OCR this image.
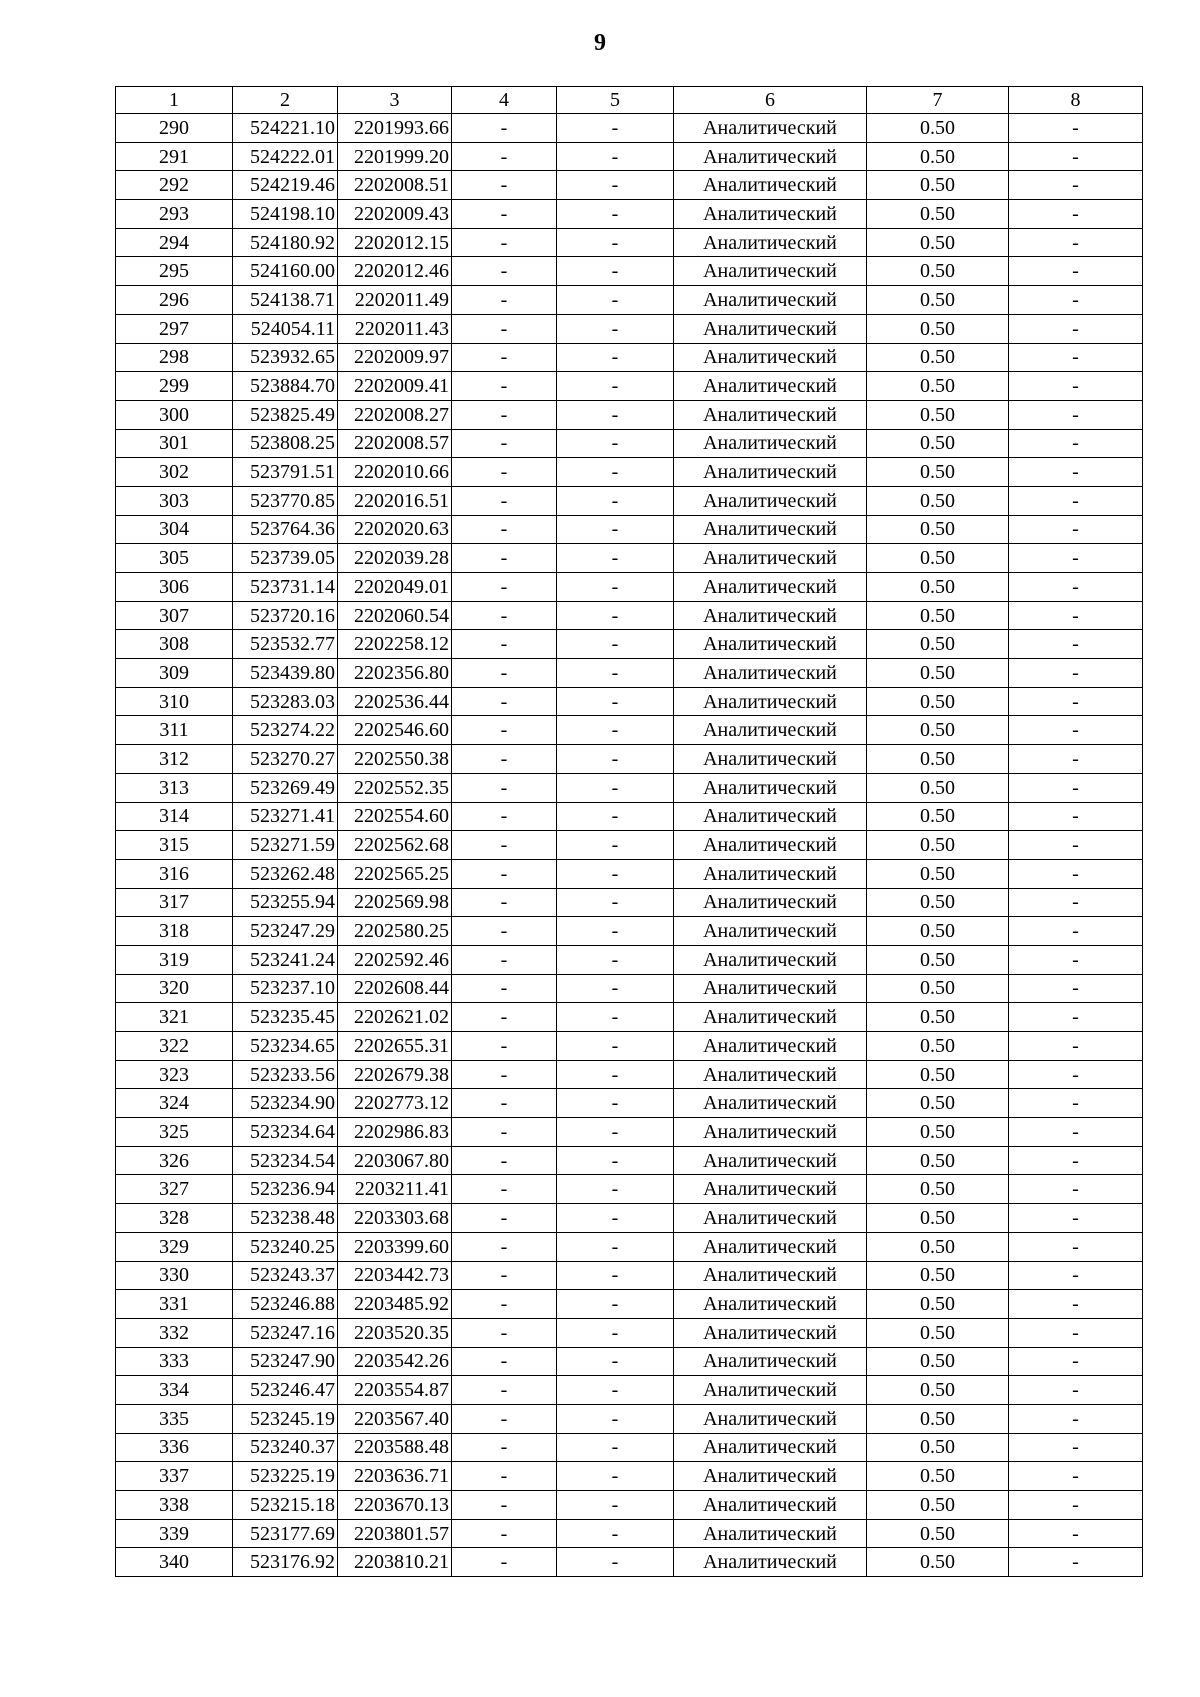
9
1	2	3	4	5	6	7	8
290	524221.10	2201993.66	-	-	Аналитический	0.50	-
291	524222.01	2201999.20	-	-	Аналитический	0.50	-
292	524219.46	2202008.51	-	-	Аналитический	0.50	-
293	524198.10	2202009.43	-	-	Аналитический	0.50	-
294	524180.92	2202012.15	-	-	Аналитический	0.50	-
295	524160.00	2202012.46	-	-	Аналитический	0.50	-
296	524138.71	2202011.49	-	-	Аналитический	0.50	-
297	524054.11	2202011.43	-	-	Аналитический	0.50	-
298	523932.65	2202009.97	-	-	Аналитический	0.50	-
299	523884.70	2202009.41	-	-	Аналитический	0.50	-
300	523825.49	2202008.27	-	-	Аналитический	0.50	-
301	523808.25	2202008.57	-	-	Аналитический	0.50	-
302	523791.51	2202010.66	-	-	Аналитический	0.50	-
303	523770.85	2202016.51	-	-	Аналитический	0.50	-
304	523764.36	2202020.63	-	-	Аналитический	0.50	-
305	523739.05	2202039.28	-	-	Аналитический	0.50	-
306	523731.14	2202049.01	-	-	Аналитический	0.50	-
307	523720.16	2202060.54	-	-	Аналитический	0.50	-
308	523532.77	2202258.12	-	-	Аналитический	0.50	-
309	523439.80	2202356.80	-	-	Аналитический	0.50	-
310	523283.03	2202536.44	-	-	Аналитический	0.50	-
311	523274.22	2202546.60	-	-	Аналитический	0.50	-
312	523270.27	2202550.38	-	-	Аналитический	0.50	-
313	523269.49	2202552.35	-	-	Аналитический	0.50	-
314	523271.41	2202554.60	-	-	Аналитический	0.50	-
315	523271.59	2202562.68	-	-	Аналитический	0.50	-
316	523262.48	2202565.25	-	-	Аналитический	0.50	-
317	523255.94	2202569.98	-	-	Аналитический	0.50	-
318	523247.29	2202580.25	-	-	Аналитический	0.50	-
319	523241.24	2202592.46	-	-	Аналитический	0.50	-
320	523237.10	2202608.44	-	-	Аналитический	0.50	-
321	523235.45	2202621.02	-	-	Аналитический	0.50	-
322	523234.65	2202655.31	-	-	Аналитический	0.50	-
323	523233.56	2202679.38	-	-	Аналитический	0.50	-
324	523234.90	2202773.12	-	-	Аналитический	0.50	-
325	523234.64	2202986.83	-	-	Аналитический	0.50	-
326	523234.54	2203067.80	-	-	Аналитический	0.50	-
327	523236.94	2203211.41	-	-	Аналитический	0.50	-
328	523238.48	2203303.68	-	-	Аналитический	0.50	-
329	523240.25	2203399.60	-	-	Аналитический	0.50	-
330	523243.37	2203442.73	-	-	Аналитический	0.50	-
331	523246.88	2203485.92	-	-	Аналитический	0.50	-
332	523247.16	2203520.35	-	-	Аналитический	0.50	-
333	523247.90	2203542.26	-	-	Аналитический	0.50	-
334	523246.47	2203554.87	-	-	Аналитический	0.50	-
335	523245.19	2203567.40	-	-	Аналитический	0.50	-
336	523240.37	2203588.48	-	-	Аналитический	0.50	-
337	523225.19	2203636.71	-	-	Аналитический	0.50	-
338	523215.18	2203670.13	-	-	Аналитический	0.50	-
339	523177.69	2203801.57	-	-	Аналитический	0.50	-
340	523176.92	2203810.21	-	-	Аналитический	0.50	-
